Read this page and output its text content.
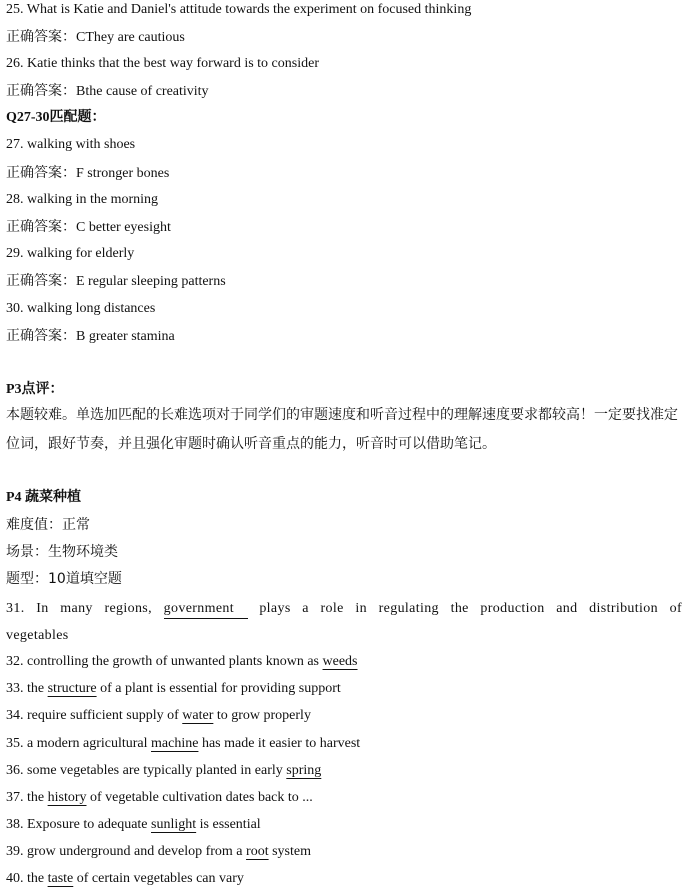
25. What is Katie and Daniel's attitude towards the experiment on focused thinking
正确答案：CThey are cautious
26. Katie thinks that the best way forward is to consider
正确答案：Bthe cause of creativity
Q27-30匹配题：
27. walking with shoes
正确答案：F stronger bones
28. walking in the morning
正确答案：C better eyesight
29. walking for elderly
正确答案：E regular sleeping patterns
30. walking long distances
正确答案：B greater stamina
P3点评：
本题较难。单选加匹配的长难选项对于同学们的审题速度和听音过程中的理解速度要求都较高！一定要找准定位词，跟好节奏，并且强化审题时确认听音重点的能力，听音时可以借助笔记。
P4 蔬菜种植
难度值：正常
场景：生物环境类
题型：10道填空题
31. In many regions, government plays a role in regulating the production and distribution of vegetables
32. controlling the growth of unwanted plants known as weeds
33. the structure of a plant is essential for providing support
34. require sufficient supply of water to grow properly
35. a modern agricultural machine has made it easier to harvest
36. some vegetables are typically planted in early spring
37. the history of vegetable cultivation dates back to ...
38. Exposure to adequate sunlight is essential
39. grow underground and develop from a root system
40. the taste of certain vegetables can vary
